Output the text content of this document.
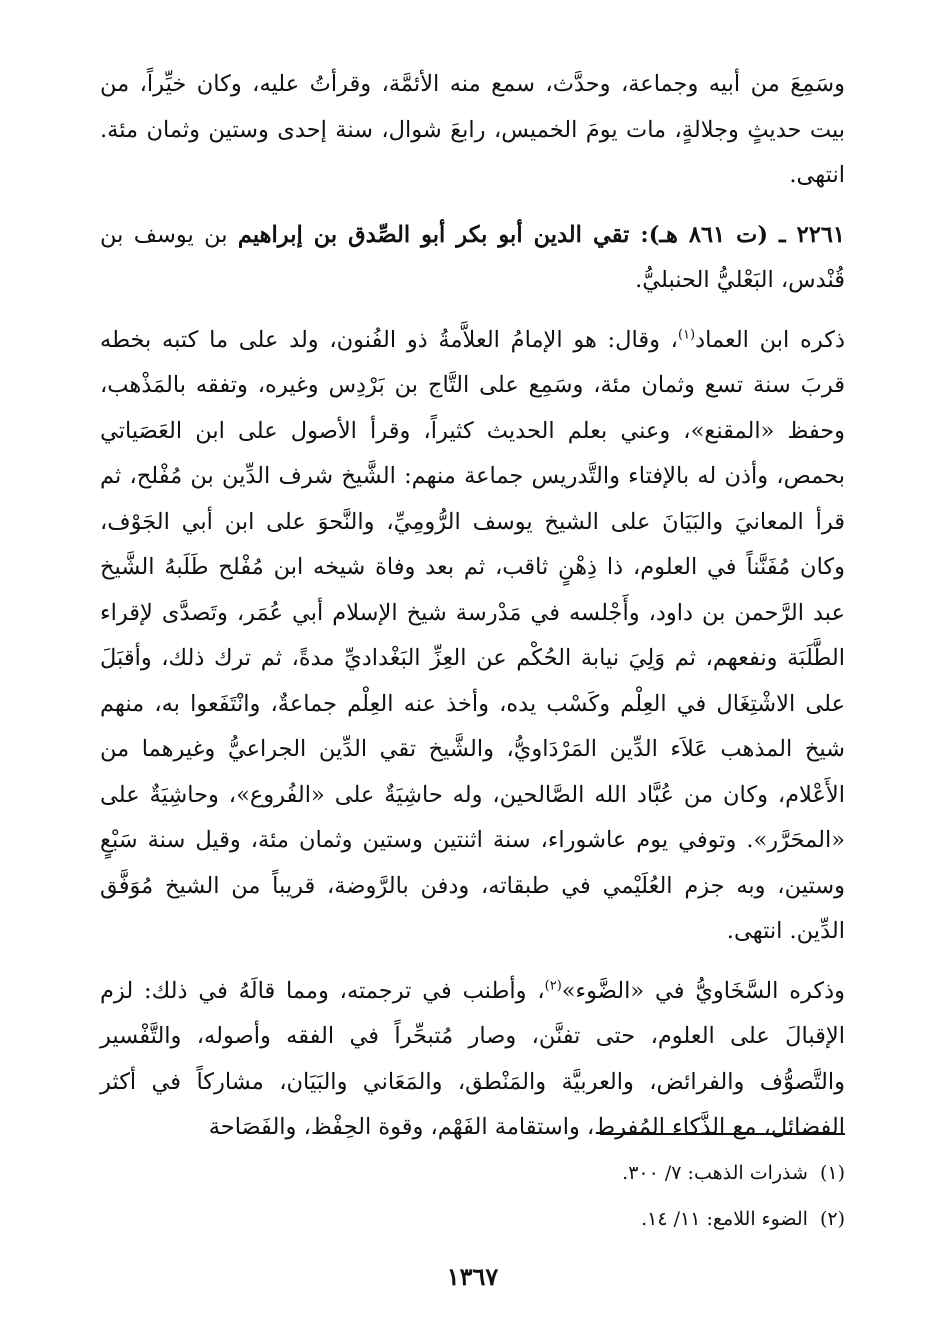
وسَمِعَ من أبيه وجماعة، وحدَّث، سمع منه الأئمَّة، وقرأتُ عليه، وكان خيِّراً، من بيت حديثٍ وجلالةٍ، مات يومَ الخميس، رابعَ شوال، سنة إحدى وستين وثمان مئة. انتهى.

٢٢٦١ ـ (ت ٨٦١ هـ): تقي الدين أبو بكر أبو الصِّدق بن إبراهيم بن يوسف بن قُنْدس، البَعْليُّ الحنبليُّ.

ذكره ابن العماد$^{(١)}$، وقال: هو الإمامُ العلاَّمةُ ذو الفُنون، ولد على ما كتبه بخطه قربَ سنة تسع وثمان مئة، وسَمِع على التَّاج بن بَرْدِس وغيره، وتفقه بالمَذْهب، وحفظ «المقنع»، وعني بعلم الحديث كثيراً، وقرأ الأصول على ابن العَصَياتي بحمص، وأذن له بالإفتاء والتَّدريس جماعة منهم: الشَّيخ شرف الدِّين بن مُفْلح، ثم قرأ المعانيَ والبَيَانَ على الشيخ يوسف الرُّومِيِّ، والنَّحوَ على ابن أبي الجَوْف، وكان مُفَنَّناً في العلوم، ذا ذِهْنٍ ثاقب، ثم بعد وفاة شيخه ابن مُفْلح طَلَبهُ الشَّيخ عبد الرَّحمن بن داود، وأَجْلسه في مَدْرسة شيخ الإسلام أبي عُمَر، وتَصدَّى لإقراء الطَّلَبَة ونفعهم، ثم وَلِيَ نيابة الحُكْم عن العِزِّ البَغْداديِّ مدةً، ثم ترك ذلك، وأقبَلَ على الاشْتِغَال في العِلْم وكَسْب يده، وأخذ عنه العِلْم جماعةٌ، وانْتَفَعوا به، منهم شيخ المذهب عَلاَء الدِّين المَرْدَاويُّ، والشَّيخ تقي الدِّين الجراعيُّ وغيرهما من الأَعْلام، وكان من عُبَّاد الله الصَّالحين، وله حاشِيَةٌ على «الفُروع»، وحاشِيَةٌ على «المحَرَّر». وتوفي يوم عاشوراء، سنة اثنتين وستين وثمان مئة، وقيل سنة سَبْعٍ وستين، وبه جزم العُلَيْمي في طبقاته، ودفن بالرَّوضة، قريباً من الشيخ مُوَفَّق الدِّين. انتهى.

وذكره السَّخَاويُّ في «الضَّوء»$^{(٢)}$، وأطنب في ترجمته، ومما قالَهُ في ذلك: لزم الإقبالَ على العلوم، حتى تفنَّن، وصار مُتبحِّراً في الفقه وأصوله، والتَّفْسير والتَّصوُّف والفرائض، والعربيَّة والمَنْطق، والمَعَاني والبَيَان، مشاركاً في أكثر الفضائل، مع الذَّكاء المُفرط، واستقامة الفَهْم، وقوة الحِفْظ، والفَصَاحة

(١)شذرات الذهب: ٧/ ٣٠٠.
(٢)الضوء اللامع: ١١/ ١٤.
١٣٦٧
